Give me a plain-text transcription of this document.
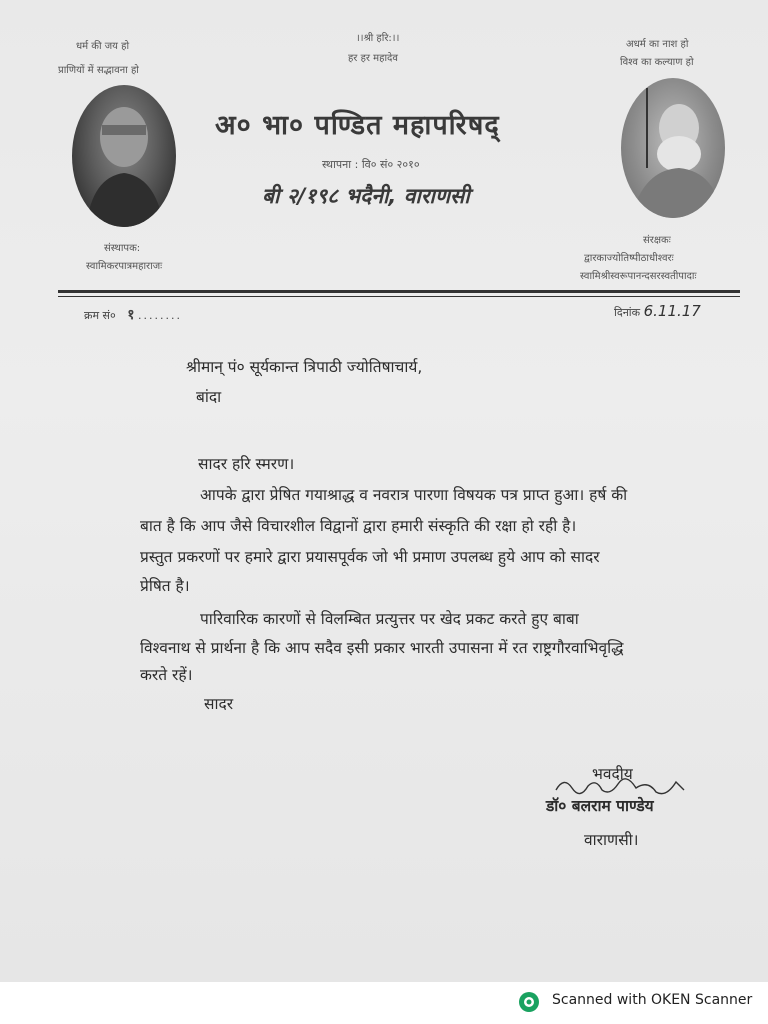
धर्म की जय हो
प्राणियों में सद्भावना हो
।।श्री हरि:।।
हर हर महादेव
अधर्म का नाश हो
विश्व का कल्याण हो
अ० भा० पण्डित महापरिषद्
स्थापना : वि० सं० २०१०
बी २/१९८ भदैनी, वाराणसी
संस्थापक:
स्वामिकरपात्रमहाराजः
संरक्षकः
द्वारकाज्योतिष्पीठाधीश्वरः
स्वामिश्रीस्वरूपानन्दसरस्वतीपादाः
क्रम सं० १ ........	दिनांक 6.11.17
श्रीमान् पं० सूर्यकान्त त्रिपाठी ज्योतिषाचार्य,
बांदा
सादर हरि स्मरण।
आपके द्वारा प्रेषित गयाश्राद्ध व नवरात्र पारणा विषयक पत्र प्राप्त हुआ। हर्ष की
बात है कि आप जैसे विचारशील विद्वानों द्वारा हमारी संस्कृति की रक्षा हो रही है।
प्रस्तुत प्रकरणों पर हमारे द्वारा प्रयासपूर्वक जो भी प्रमाण उपलब्ध हुये आप को सादर
प्रेषित है।
पारिवारिक कारणों से विलम्बित प्रत्युत्तर पर खेद प्रकट करते हुए बाबा
विश्वनाथ से प्रार्थना है कि आप सदैव इसी प्रकार भारती उपासना में रत राष्ट्रगौरवाभिवृद्धि
करते रहें।
सादर
भवदीय
डॉ० बलराम पाण्डेय
वाराणसी।
Scanned with OKEN Scanner
